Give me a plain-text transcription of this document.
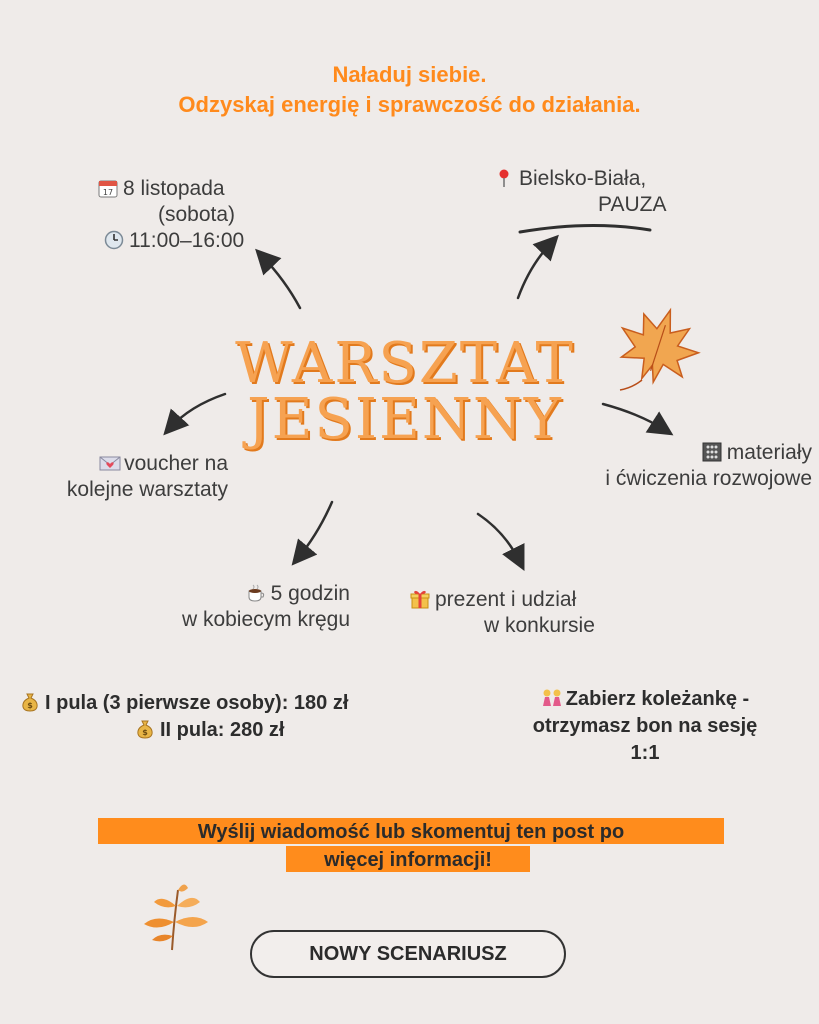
Naładuj siebie.
Odzyskaj energię i sprawczość do działania.
17 8 listopada
(sobota)
11:00–16:00
Bielsko-Biała,
PAUZA
WARSZTAT
JESIENNY
voucher na
kolejne warsztaty
materiały
i ćwiczenia rozwojowe
5 godzin
w kobiecym kręgu
prezent i udział
w konkursie
$ I pula (3 pierwsze osoby): 180 zł
$ II pula: 280 zł
Zabierz koleżankę -
otrzymasz bon na sesję
1:1
Wyślij wiadomość lub skomentuj ten post po
więcej informacji!
NOWY SCENARIUSZ
